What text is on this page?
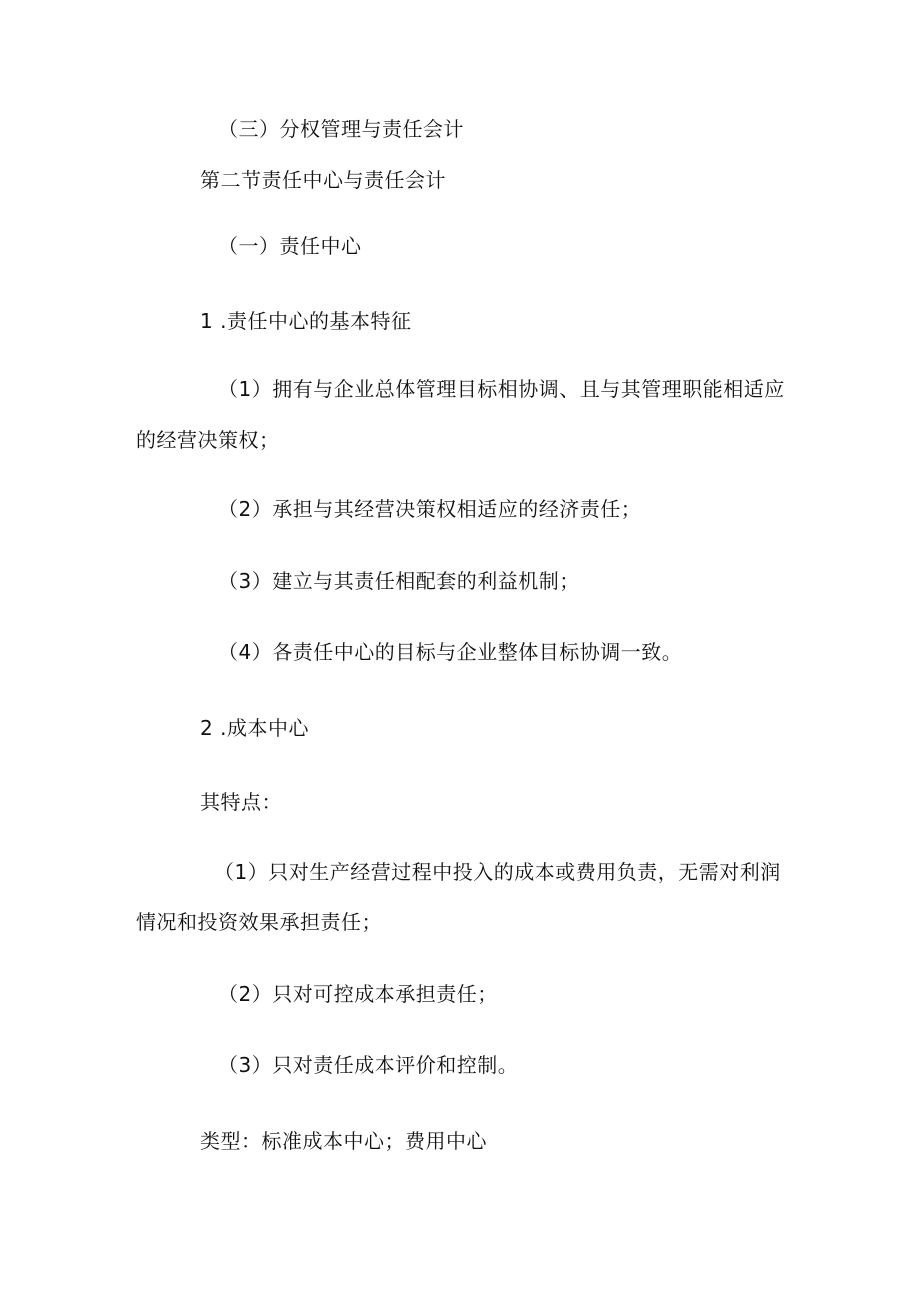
（三）分权管理与责任会计
第二节责任中心与责任会计
（一）责任中心
1 .责任中心的基本特征
（1）拥有与企业总体管理目标相协调、且与其管理职能相适应
的经营决策权；
（2）承担与其经营决策权相适应的经济责任；
（3）建立与其责任相配套的利益机制；
（4）各责任中心的目标与企业整体目标协调一致。
2 .成本中心
其特点：
（1）只对生产经营过程中投入的成本或费用负责，无需对利润
情况和投资效果承担责任；
（2）只对可控成本承担责任；
（3）只对责任成本评价和控制。
类型：标准成本中心；费用中心
